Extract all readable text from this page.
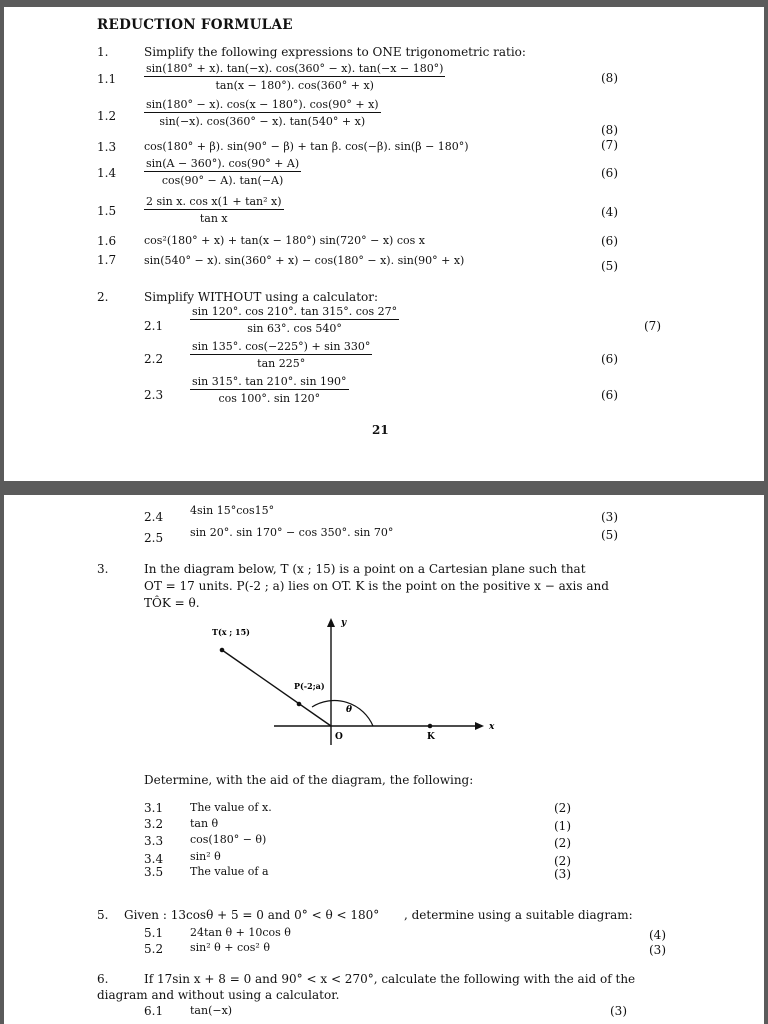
REDUCTION FORMULAE
1.	Simplify the following expressions to ONE trigonometric ratio:
1.1	$\frac{\sin(180^\circ + x). \tan(-x). \cos(360^\circ - x). \tan(-x - 180^\circ)}{\tan(x - 180^\circ). \cos(360^\circ + x)}$	(8)
1.2	$\frac{\sin(180^\circ - x). \cos(x - 180^\circ). \cos(90^\circ + x)}{\sin(-x). \cos(360^\circ - x). \tan(540^\circ + x)}$
(8)
1.3	cos(180° + β). sin(90° − β) + tan β. cos(−β). sin(β − 180°)	(7)
1.4	$\frac{\sin(A - 360^\circ). \cos(90^\circ + A)}{\cos(90^\circ - A). \tan(-A)}$	(6)
1.5	$\frac{\text{2 sin x. cos x(1 + tan² x)}}{\text{tan x}}$	(4)
1.6	cos²(180° + x) + tan(x − 180°) sin(720° − x) cos x	(6)
1.7	sin(540° − x). sin(360° + x) − cos(180° − x). sin(90° + x)	(5)
2.	Simplify WITHOUT using a calculator:
$2.1 \frac{\sin 120^\circ. \cos 210^\circ. \tan 315^\circ. \cos 27^\circ}{\sin 63^\circ. \cos 540^\circ}$	(7)
$2.2 \frac{\sin 135^\circ. \cos(-225^\circ) + \sin 330^\circ}{\tan 225^\circ}$	(6)
$2.3 \frac{\sin 315^\circ. \tan 210^\circ. \sin 190^\circ}{\cos 100^\circ. \sin 120^\circ}$	(6)
21
2.4 4sin 15°cos15°	(3)
2.5 sin 20°. sin 170° − cos 350°. sin 70°	(5)
3.	In the diagram below, T (x ; 15) is a point on a Cartesian plane such that
OT = 17 units. P(-2 ; a) lies on OT. K is the point on the positive x − axis and
TÔK = θ.
T(x ; 15)
P(-2;a)
y
x
O	K
θ
Determine, with the aid of the diagram, the following:
3.1 The value of x.	(2)
3.2 tan θ	(1)
3.3 cos(180° − θ)	(2)
3.4 sin² θ	(2)
3.5 The value of a	(3)
5. Given : 13cosθ + 5 = 0 and 0° < θ < 180° , determine using a suitable diagram:
5.1 24tan θ + 10cos θ	(4)
5.2 sin² θ + cos² θ	(3)
6.	If 17sin x + 8 = 0 and 90° < x < 270°, calculate the following with the aid of the
diagram and without using a calculator.
6.1 tan(−x)	(3)
